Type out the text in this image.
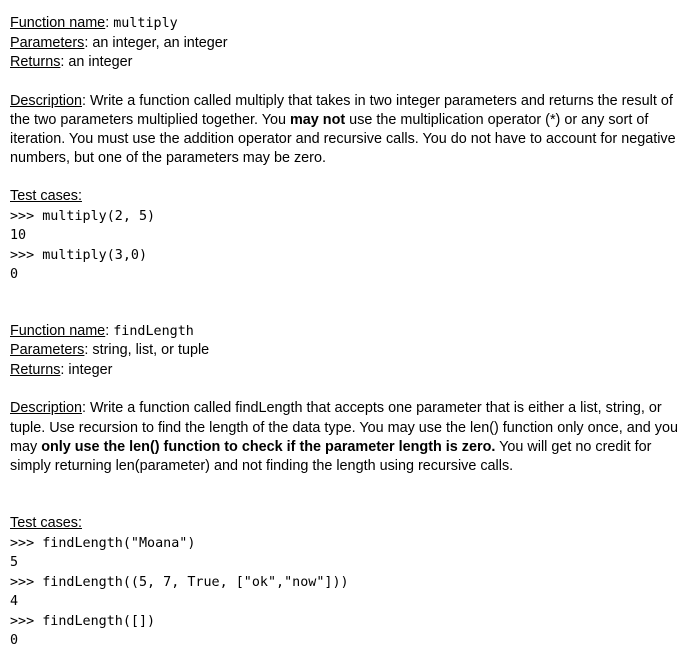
Function name: multiply
Parameters: an integer, an integer
Returns: an integer

Description: Write a function called multiply that takes in two integer parameters and returns the result of the two parameters multiplied together. You may not use the multiplication operator (*) or any sort of iteration. You must use the addition operator and recursive calls. You do not have to account for negative numbers, but one of the parameters may be zero.

Test cases:
>>> multiply(2, 5)
10
>>> multiply(3,0)
0
Function name: findLength
Parameters: string, list, or tuple
Returns: integer

Description: Write a function called findLength that accepts one parameter that is either a list, string, or tuple. Use recursion to find the length of the data type. You may use the len() function only once, and you may only use the len() function to check if the parameter length is zero. You will get no credit for simply returning len(parameter) and not finding the length using recursive calls.

Test cases:
>>> findLength("Moana")
5
>>> findLength((5, 7, True, ["ok","now"]))
4
>>> findLength([])
0
